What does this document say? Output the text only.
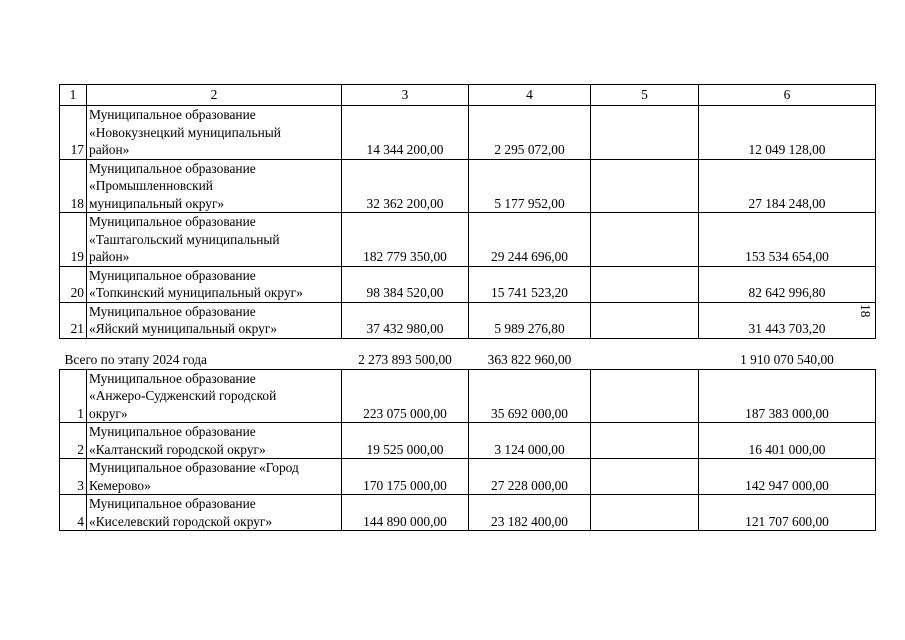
1	2	3	4	5	6
17	Муниципальное образование
«Новокузнецкий муниципальный
район»	14 344 200,00	2 295 072,00		12 049 128,00
18	Муниципальное образование
«Промышленновский
муниципальный округ»	32 362 200,00	5 177 952,00		27 184 248,00
19	Муниципальное образование
«Таштагольский муниципальный
район»	182 779 350,00	29 244 696,00		153 534 654,00
20	Муниципальное образование
«Топкинский муниципальный округ»	98 384 520,00	15 741 523,20		82 642 996,80
21	Муниципальное образование
«Яйский муниципальный округ»	37 432 980,00	5 989 276,80		31 443 703,20
Всего по этапу 2024 года		2 273 893 500,00	363 822 960,00		1 910 070 540,00
1	Муниципальное образование
«Анжеро-Судженский городской
округ»	223 075 000,00	35 692 000,00		187 383 000,00
2	Муниципальное образование
«Калтанский городской округ»	19 525 000,00	3 124 000,00		16 401 000,00
3	Муниципальное образование «Город
Кемерово»	170 175 000,00	27 228 000,00		142 947 000,00
4	Муниципальное образование
«Киселевский городской округ»	144 890 000,00	23 182 400,00		121 707 600,00
18
